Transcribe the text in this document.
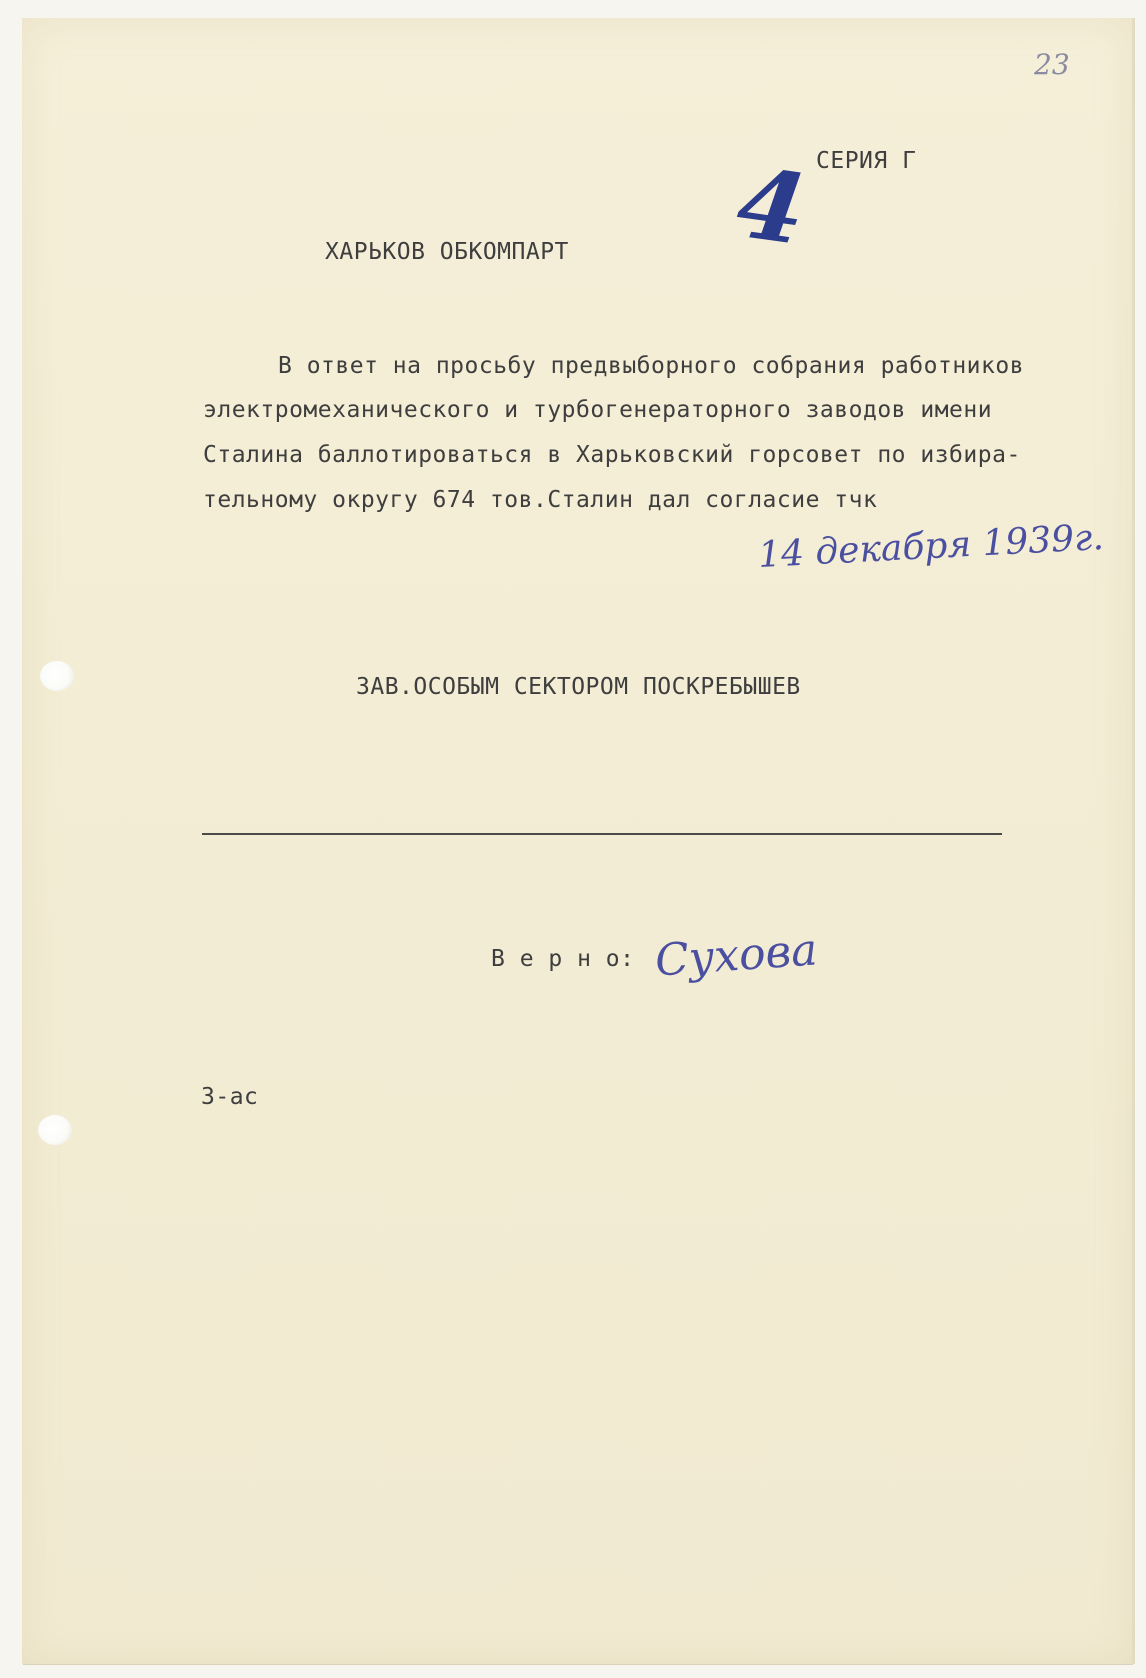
23
СЕРИЯ Г
ХАРЬКОВ ОБКОМПАРТ 4
В ответ на просьбу предвыборного собрания работников
электромеханического и турбогенераторного заводов имени
Сталина баллотироваться в Харьковский горсовет по избира-
тельному округу 674 тов.Сталин дал согласие тчк
14 декабря 1939г.
ЗАВ.ОСОБЫМ СЕКТОРОМ ПОСКРЕБЫШЕВ
В е р н о: Сухова
3-ас
